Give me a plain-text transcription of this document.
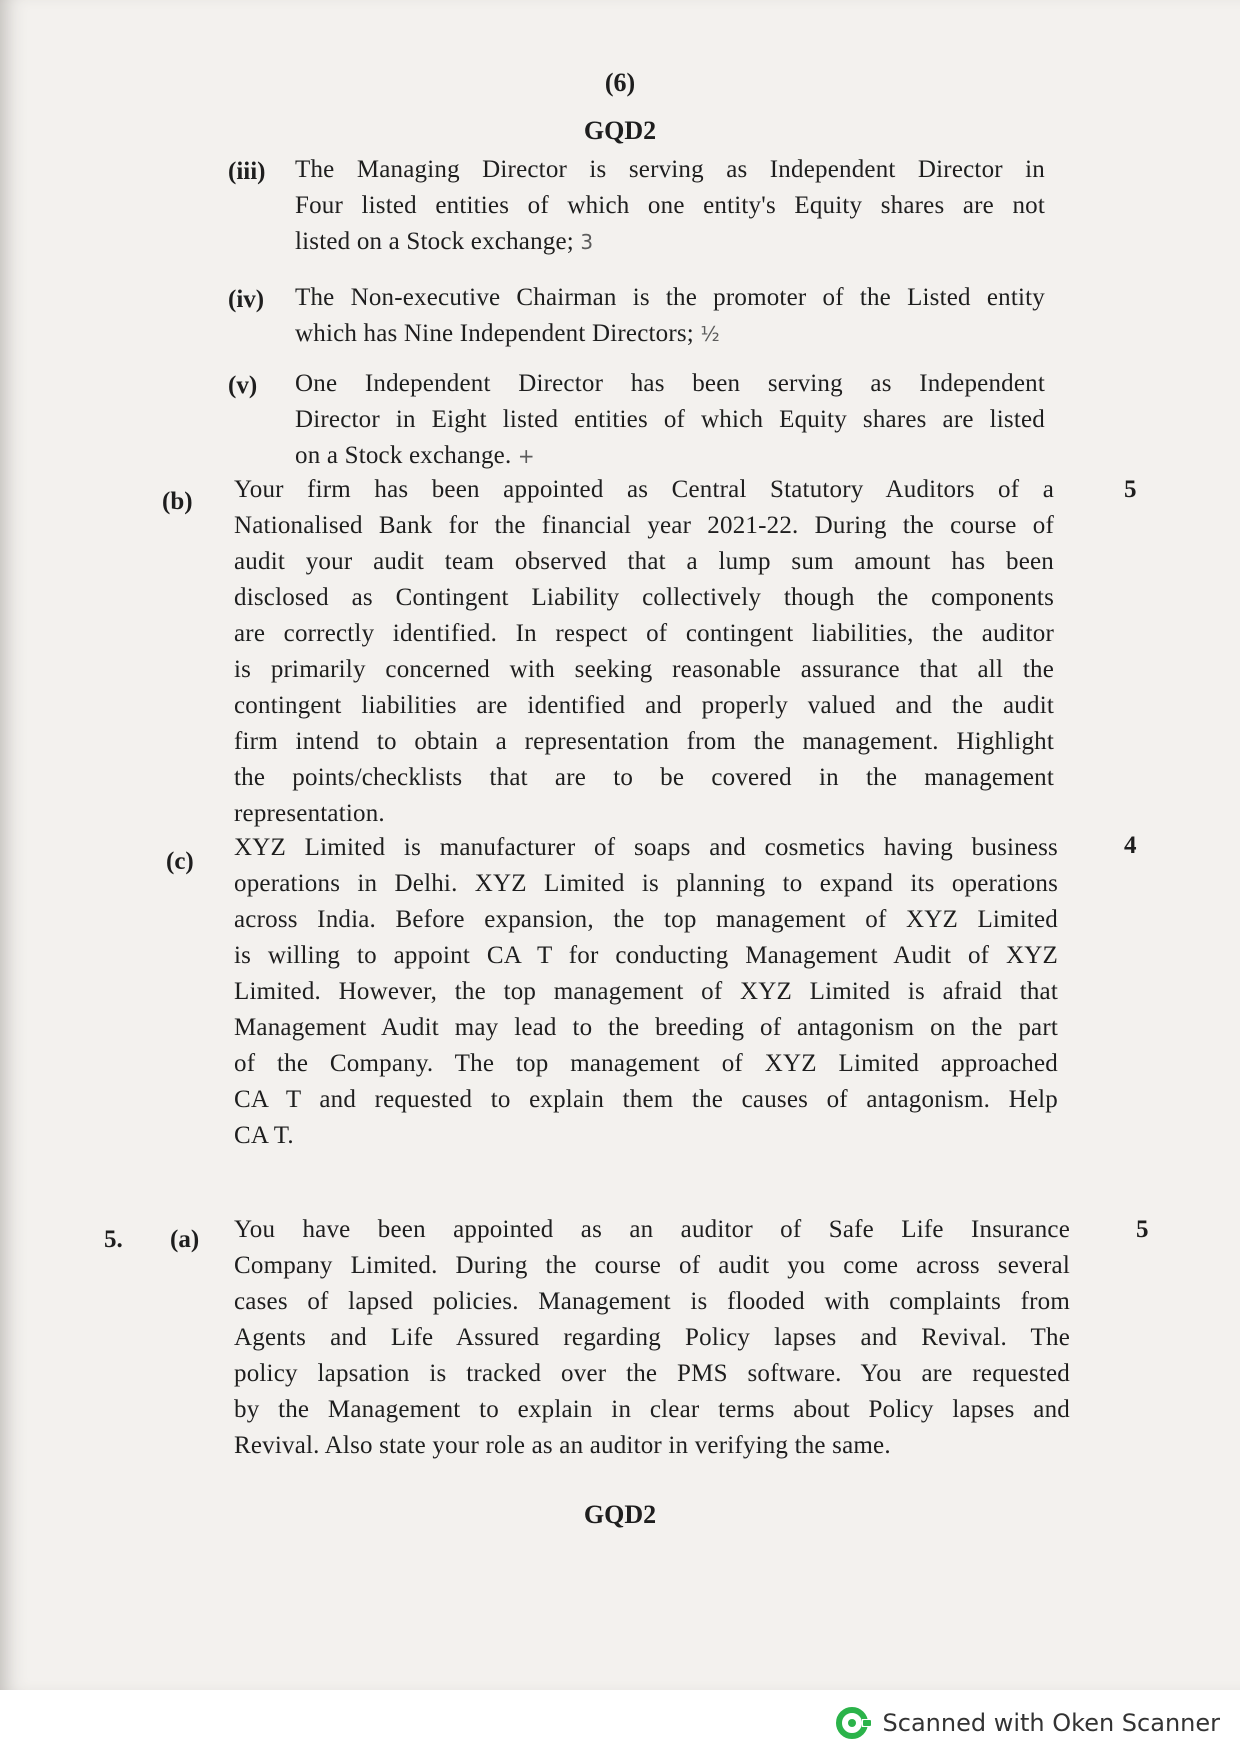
(6)
GQD2
(iii) The Managing Director is serving as Independent Director in
Four listed entities of which one entity's Equity shares are not
listed on a Stock exchange; 3
(iv) The Non-executive Chairman is the promoter of the Listed entity
which has Nine Independent Directors; ½
(v) One Independent Director has been serving as Independent
Director in Eight listed entities of which Equity shares are listed
on a Stock exchange. +
(b)	5
Your firm has been appointed as Central Statutory Auditors of a
Nationalised Bank for the financial year 2021-22. During the course of
audit your audit team observed that a lump sum amount has been
disclosed as Contingent Liability collectively though the components
are correctly identified. In respect of contingent liabilities, the auditor
is primarily concerned with seeking reasonable assurance that all the
contingent liabilities are identified and properly valued and the audit
firm intend to obtain a representation from the management. Highlight
the points/checklists that are to be covered in the management
representation.
(c)
4
XYZ Limited is manufacturer of soaps and cosmetics having business
operations in Delhi. XYZ Limited is planning to expand its operations
across India. Before expansion, the top management of XYZ Limited
is willing to appoint CA T for conducting Management Audit of XYZ
Limited. However, the top management of XYZ Limited is afraid that
Management Audit may lead to the breeding of antagonism on the part
of the Company. The top management of XYZ Limited approached
CA T and requested to explain them the causes of antagonism. Help
CA T.
5. (a)	5
You have been appointed as an auditor of Safe Life Insurance
Company Limited. During the course of audit you come across several
cases of lapsed policies. Management is flooded with complaints from
Agents and Life Assured regarding Policy lapses and Revival. The
policy lapsation is tracked over the PMS software. You are requested
by the Management to explain in clear terms about Policy lapses and
Revival. Also state your role as an auditor in verifying the same.
GQD2
Scanned with Oken Scanner
